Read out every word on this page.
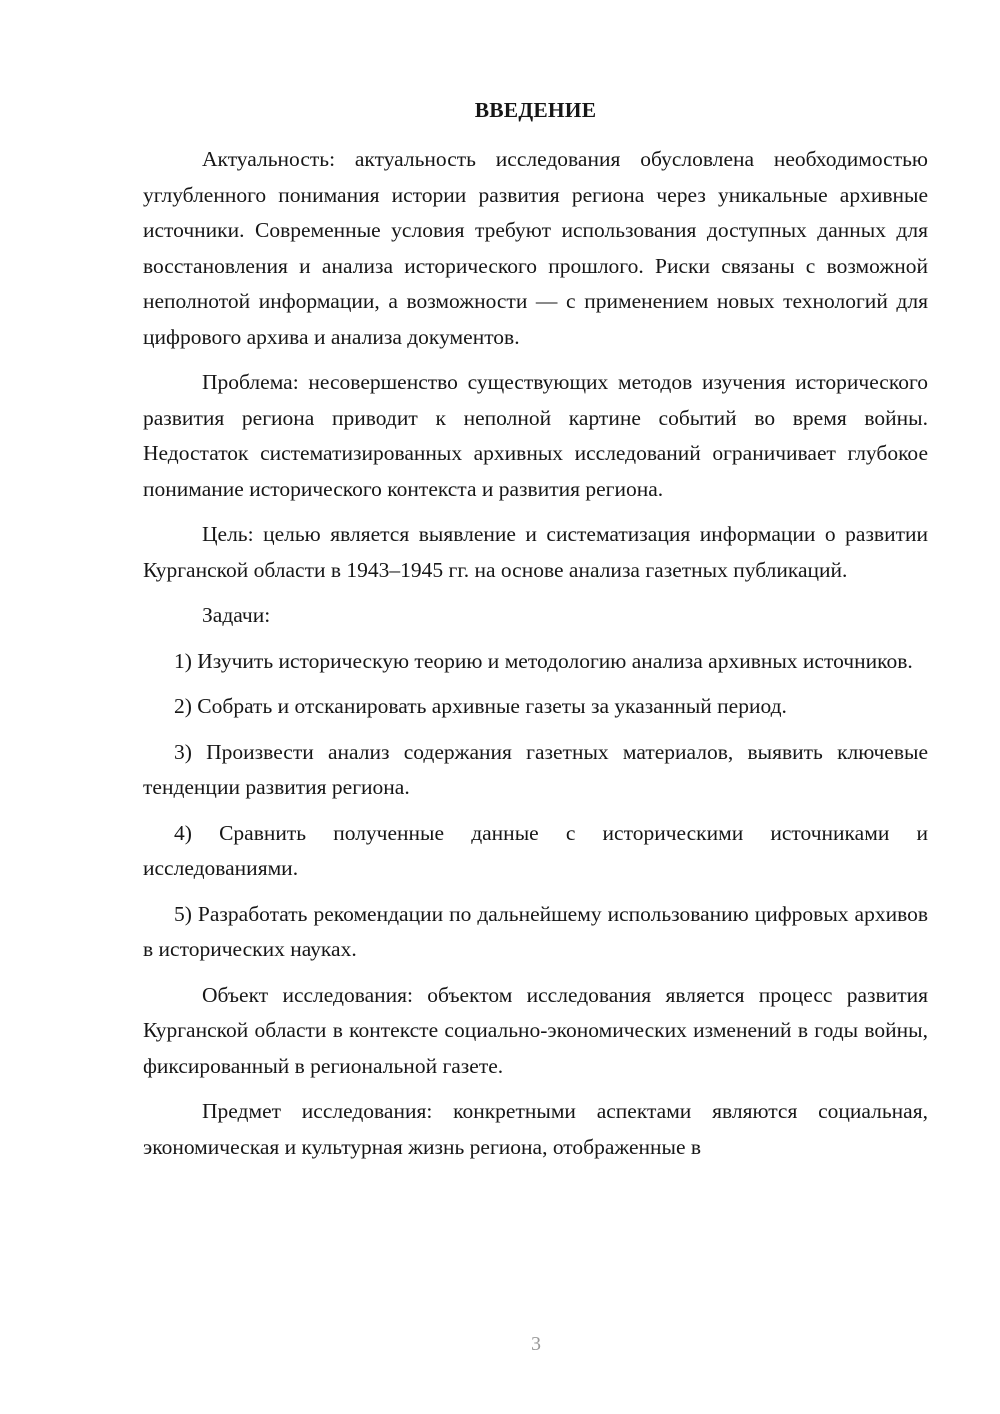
ВВЕДЕНИЕ

Актуальность: актуальность исследования обусловлена необходимостью углубленного понимания истории развития региона через уникальные архивные источники. Современные условия требуют использования доступных данных для восстановления и анализа исторического прошлого. Риски связаны с возможной неполнотой информации, а возможности — с применением новых технологий для цифрового архива и анализа документов.

Проблема: несовершенство существующих методов изучения исторического развития региона приводит к неполной картине событий во время войны. Недостаток систематизированных архивных исследований ограничивает глубокое понимание исторического контекста и развития региона.

Цель: целью является выявление и систематизация информации о развитии Курганской области в 1943–1945 гг. на основе анализа газетных публикаций.

Задачи:

1) Изучить историческую теорию и методологию анализа архивных источников.

2) Собрать и отсканировать архивные газеты за указанный период.

3) Произвести анализ содержания газетных материалов, выявить ключевые тенденции развития региона.

4) Сравнить полученные данные с историческими источниками и исследованиями.

5) Разработать рекомендации по дальнейшему использованию цифровых архивов в исторических науках.

Объект исследования: объектом исследования является процесс развития Курганской области в контексте социально-экономических изменений в годы войны, фиксированный в региональной газете.

Предмет исследования: конкретными аспектами являются социальная, экономическая и культурная жизнь региона, отображенные в

3
